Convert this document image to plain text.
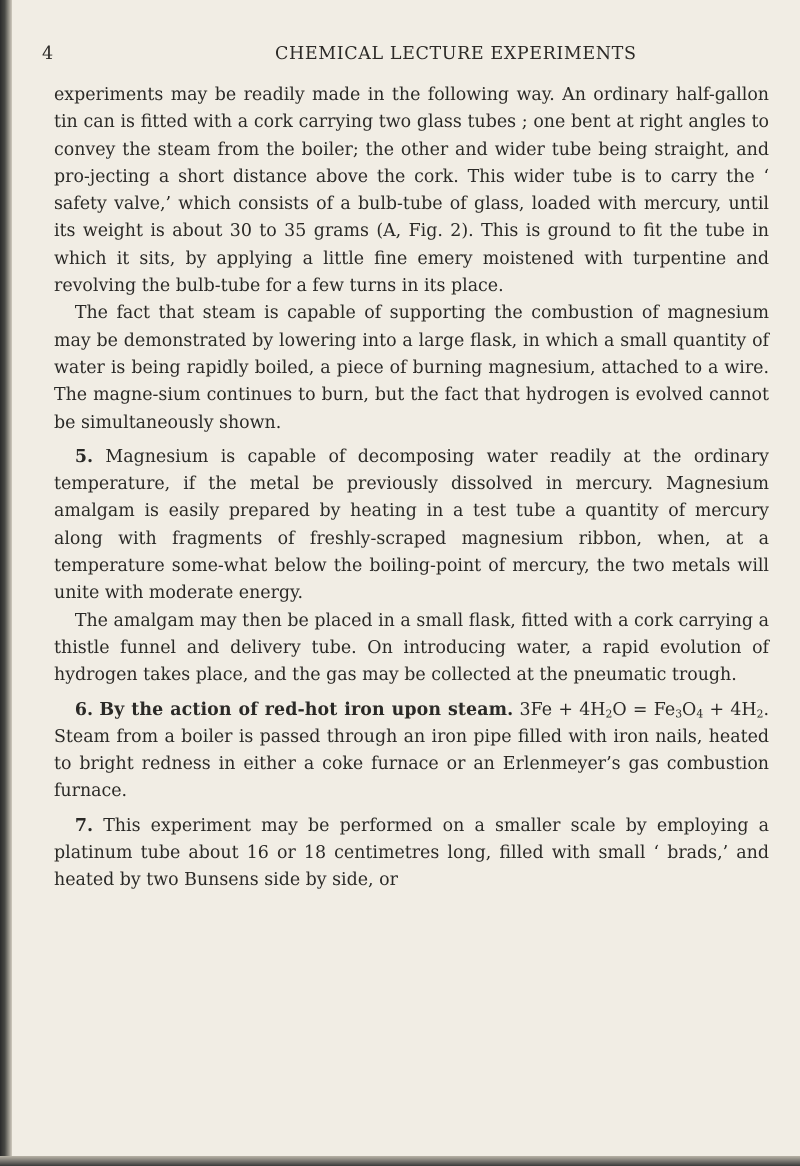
4	CHEMICAL LECTURE EXPERIMENTS

experiments may be readily made in the following way. An ordinary half-gallon tin can is fitted with a cork carrying two glass tubes ; one bent at right angles to convey the steam from the boiler; the other and wider tube being straight, and pro-jecting a short distance above the cork. This wider tube is to carry the ‘ safety valve,’ which consists of a bulb-tube of glass, loaded with mercury, until its weight is about 30 to 35 grams (A, Fig. 2). This is ground to fit the tube in which it sits, by applying a little fine emery moistened with turpentine and revolving the bulb-tube for a few turns in its place.

The fact that steam is capable of supporting the combustion of magnesium may be demonstrated by lowering into a large flask, in which a small quantity of water is being rapidly boiled, a piece of burning magnesium, attached to a wire. The magne-sium continues to burn, but the fact that hydrogen is evolved cannot be simultaneously shown.

5. Magnesium is capable of decomposing water readily at the ordinary temperature, if the metal be previously dissolved in mercury. Magnesium amalgam is easily prepared by heating in a test tube a quantity of mercury along with fragments of freshly-scraped magnesium ribbon, when, at a temperature some-what below the boiling-point of mercury, the two metals will unite with moderate energy.

The amalgam may then be placed in a small flask, fitted with a cork carrying a thistle funnel and delivery tube. On introducing water, a rapid evolution of hydrogen takes place, and the gas may be collected at the pneumatic trough.

6. By the action of red-hot iron upon steam. $3Fe + 4H_2O = Fe_3O_4 + 4H_2$. Steam from a boiler is passed through an iron pipe filled with iron nails, heated to bright redness in either a coke furnace or an Erlenmeyer’s gas combustion furnace.

7. This experiment may be performed on a smaller scale by employing a platinum tube about 16 or 18 centimetres long, filled with small ‘ brads,’ and heated by two Bunsens side by side, or
